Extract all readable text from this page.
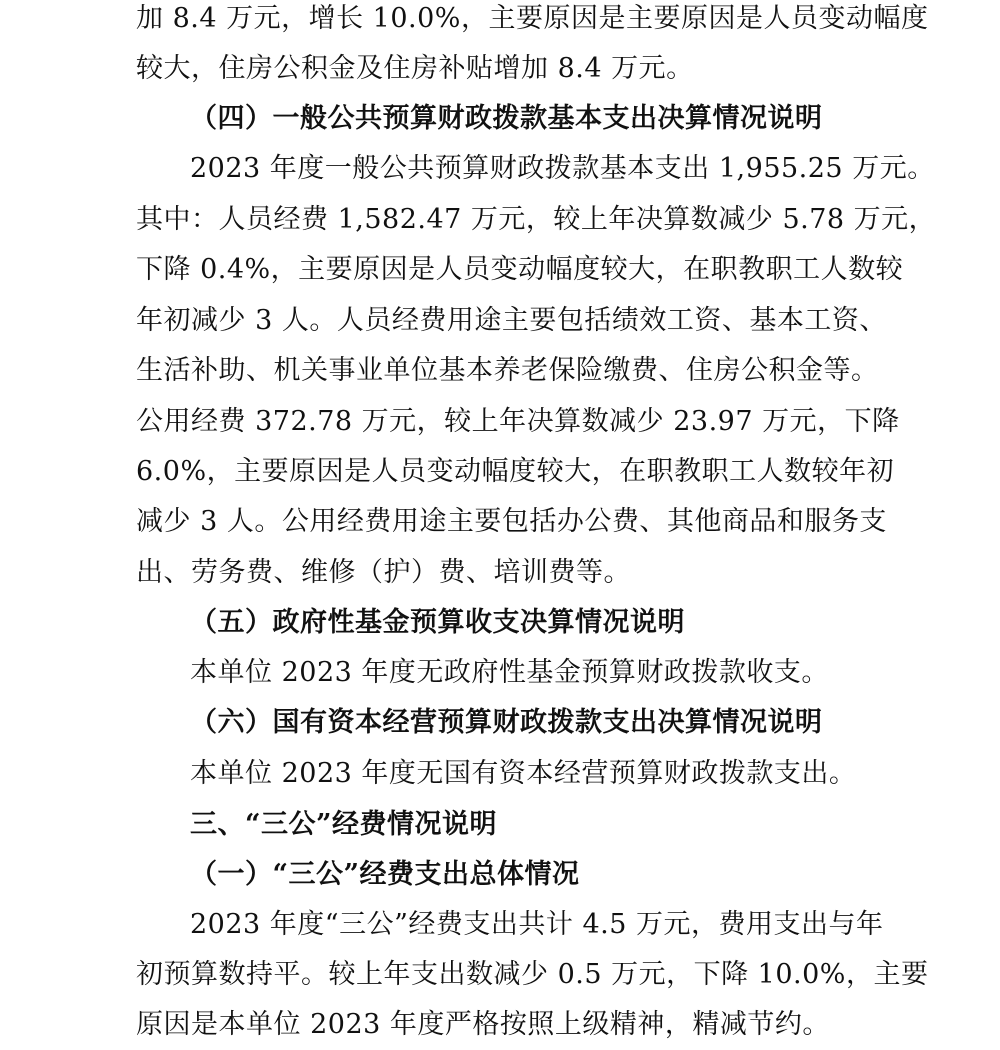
加 8.4 万元，增长 10.0%，主要原因是主要原因是人员变动幅度
较大，住房公积金及住房补贴增加 8.4 万元。
（四）一般公共预算财政拨款基本支出决算情况说明
2023 年度一般公共预算财政拨款基本支出 1,955.25 万元。
其中：人员经费 1,582.47 万元，较上年决算数减少 5.78 万元，
下降 0.4%，主要原因是人员变动幅度较大，在职教职工人数较
年初减少 3 人。人员经费用途主要包括绩效工资、基本工资、
生活补助、机关事业单位基本养老保险缴费、住房公积金等。
公用经费 372.78 万元，较上年决算数减少 23.97 万元，下降
6.0%，主要原因是人员变动幅度较大，在职教职工人数较年初
减少 3 人。公用经费用途主要包括办公费、其他商品和服务支
出、劳务费、维修（护）费、培训费等。
（五）政府性基金预算收支决算情况说明
本单位 2023 年度无政府性基金预算财政拨款收支。
（六）国有资本经营预算财政拨款支出决算情况说明
本单位 2023 年度无国有资本经营预算财政拨款支出。
三、“三公”经费情况说明
（一）“三公”经费支出总体情况
2023 年度“三公”经费支出共计 4.5 万元，费用支出与年
初预算数持平。较上年支出数减少 0.5 万元，下降 10.0%，主要
原因是本单位 2023 年度严格按照上级精神，精减节约。
